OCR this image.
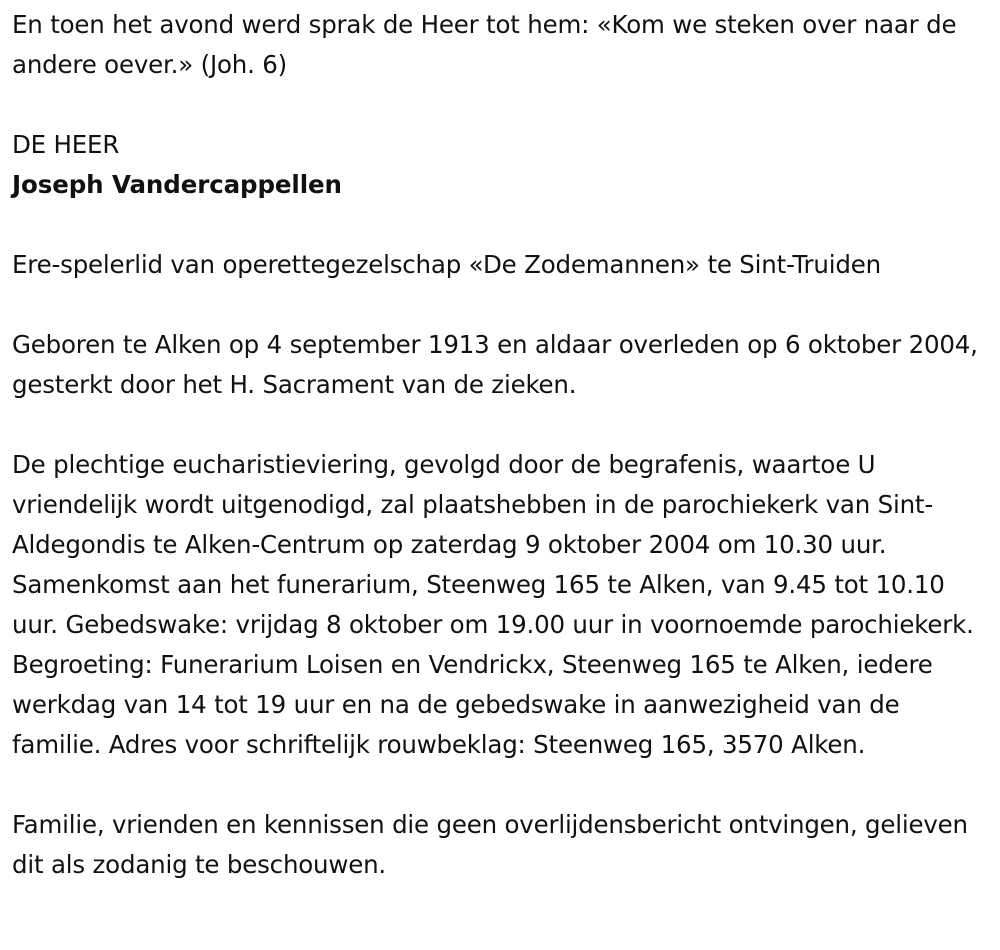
En toen het avond werd sprak de Heer tot hem: «Kom we steken over naar de andere oever.» (Joh. 6)

DE HEER

Joseph Vandercappellen

Ere-spelerlid van operettegezelschap «De Zodemannen» te Sint-Truiden

Geboren te Alken op 4 september 1913 en aldaar overleden op 6 oktober 2004, gesterkt door het H. Sacrament van de zieken.

De plechtige eucharistieviering, gevolgd door de begrafenis, waartoe U vriendelijk wordt uitgenodigd, zal plaatshebben in de parochiekerk van Sint-Aldegondis te Alken-Centrum op zaterdag 9 oktober 2004 om 10.30 uur. Samenkomst aan het funerarium, Steenweg 165 te Alken, van 9.45 tot 10.10 uur. Gebedswake: vrijdag 8 oktober om 19.00 uur in voornoemde parochiekerk. Begroeting: Funerarium Loisen en Vendrickx, Steenweg 165 te Alken, iedere werkdag van 14 tot 19 uur en na de gebedswake in aanwezigheid van de familie. Adres voor schriftelijk rouwbeklag: Steenweg 165, 3570 Alken.

Familie, vrienden en kennissen die geen overlijdensbericht ontvingen, gelieven dit als zodanig te beschouwen.
